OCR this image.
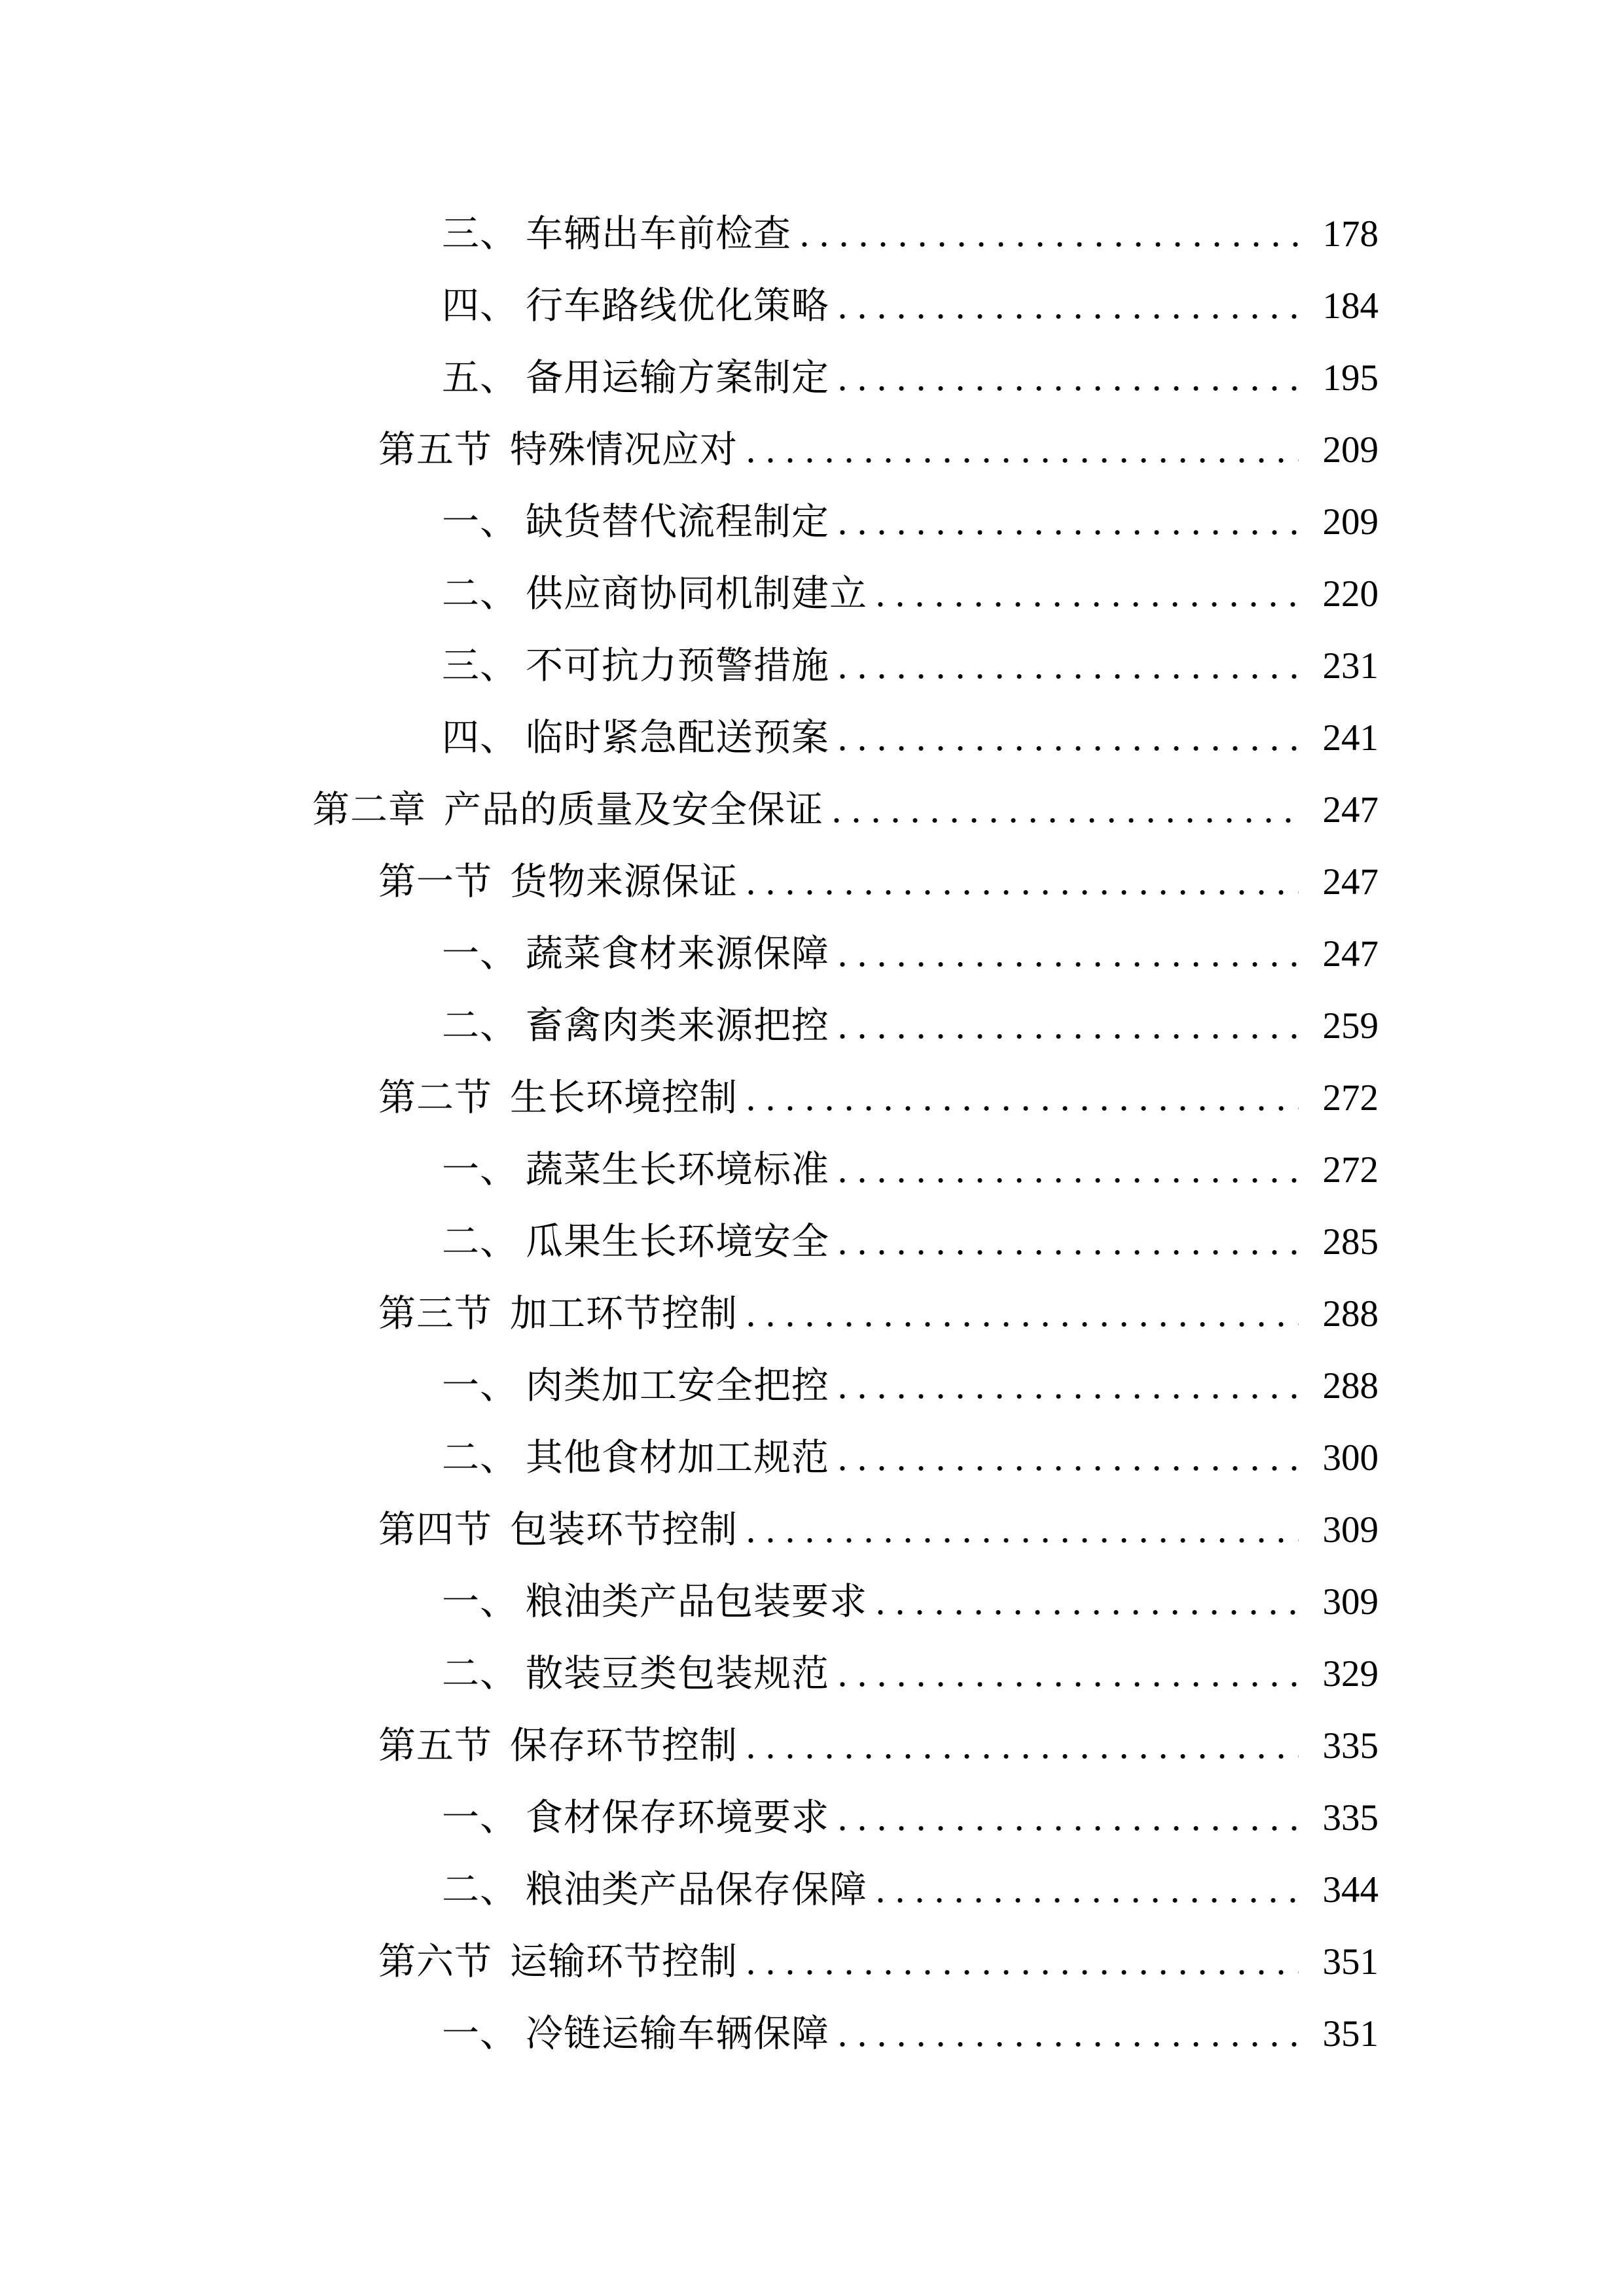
三、 车辆出车前检查	178
四、 行车路线优化策略	184
五、 备用运输方案制定	195
第五节 特殊情况应对	209
一、 缺货替代流程制定	209
二、 供应商协同机制建立	220
三、 不可抗力预警措施	231
四、 临时紧急配送预案	241
第二章 产品的质量及安全保证	247
第一节 货物来源保证	247
一、 蔬菜食材来源保障	247
二、 畜禽肉类来源把控	259
第二节 生长环境控制	272
一、 蔬菜生长环境标准	272
二、 瓜果生长环境安全	285
第三节 加工环节控制	288
一、 肉类加工安全把控	288
二、 其他食材加工规范	300
第四节 包装环节控制	309
一、 粮油类产品包装要求	309
二、 散装豆类包装规范	329
第五节 保存环节控制	335
一、 食材保存环境要求	335
二、 粮油类产品保存保障	344
第六节 运输环节控制	351
一、 冷链运输车辆保障	351
